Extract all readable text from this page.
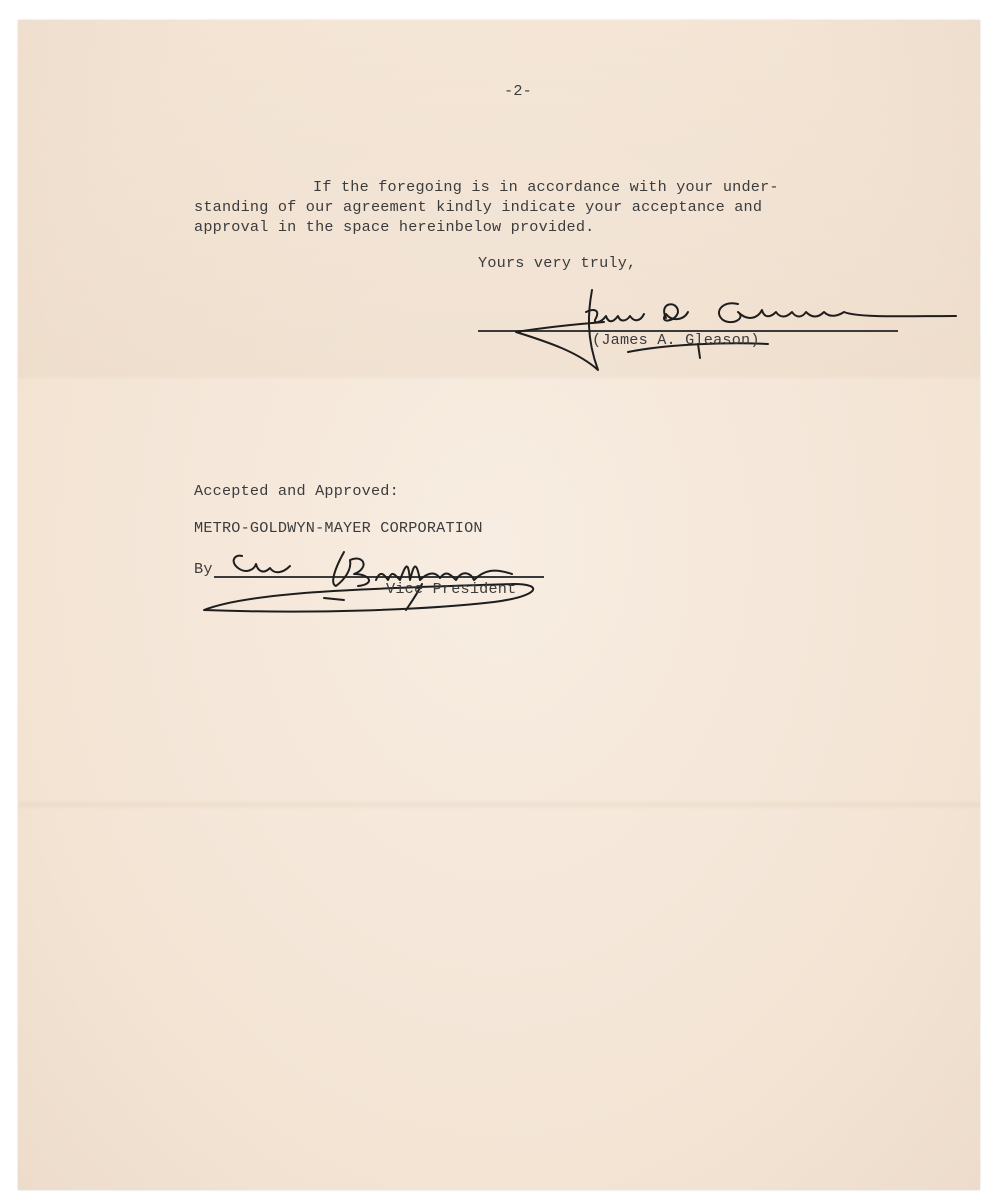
-2-
If the foregoing is in accordance with your under-
standing of our agreement kindly indicate your acceptance and
approval in the space hereinbelow provided.
Yours very truly,
(James A. Gleason)
Accepted and Approved:
METRO-GOLDWYN-MAYER CORPORATION
By
Vice President
